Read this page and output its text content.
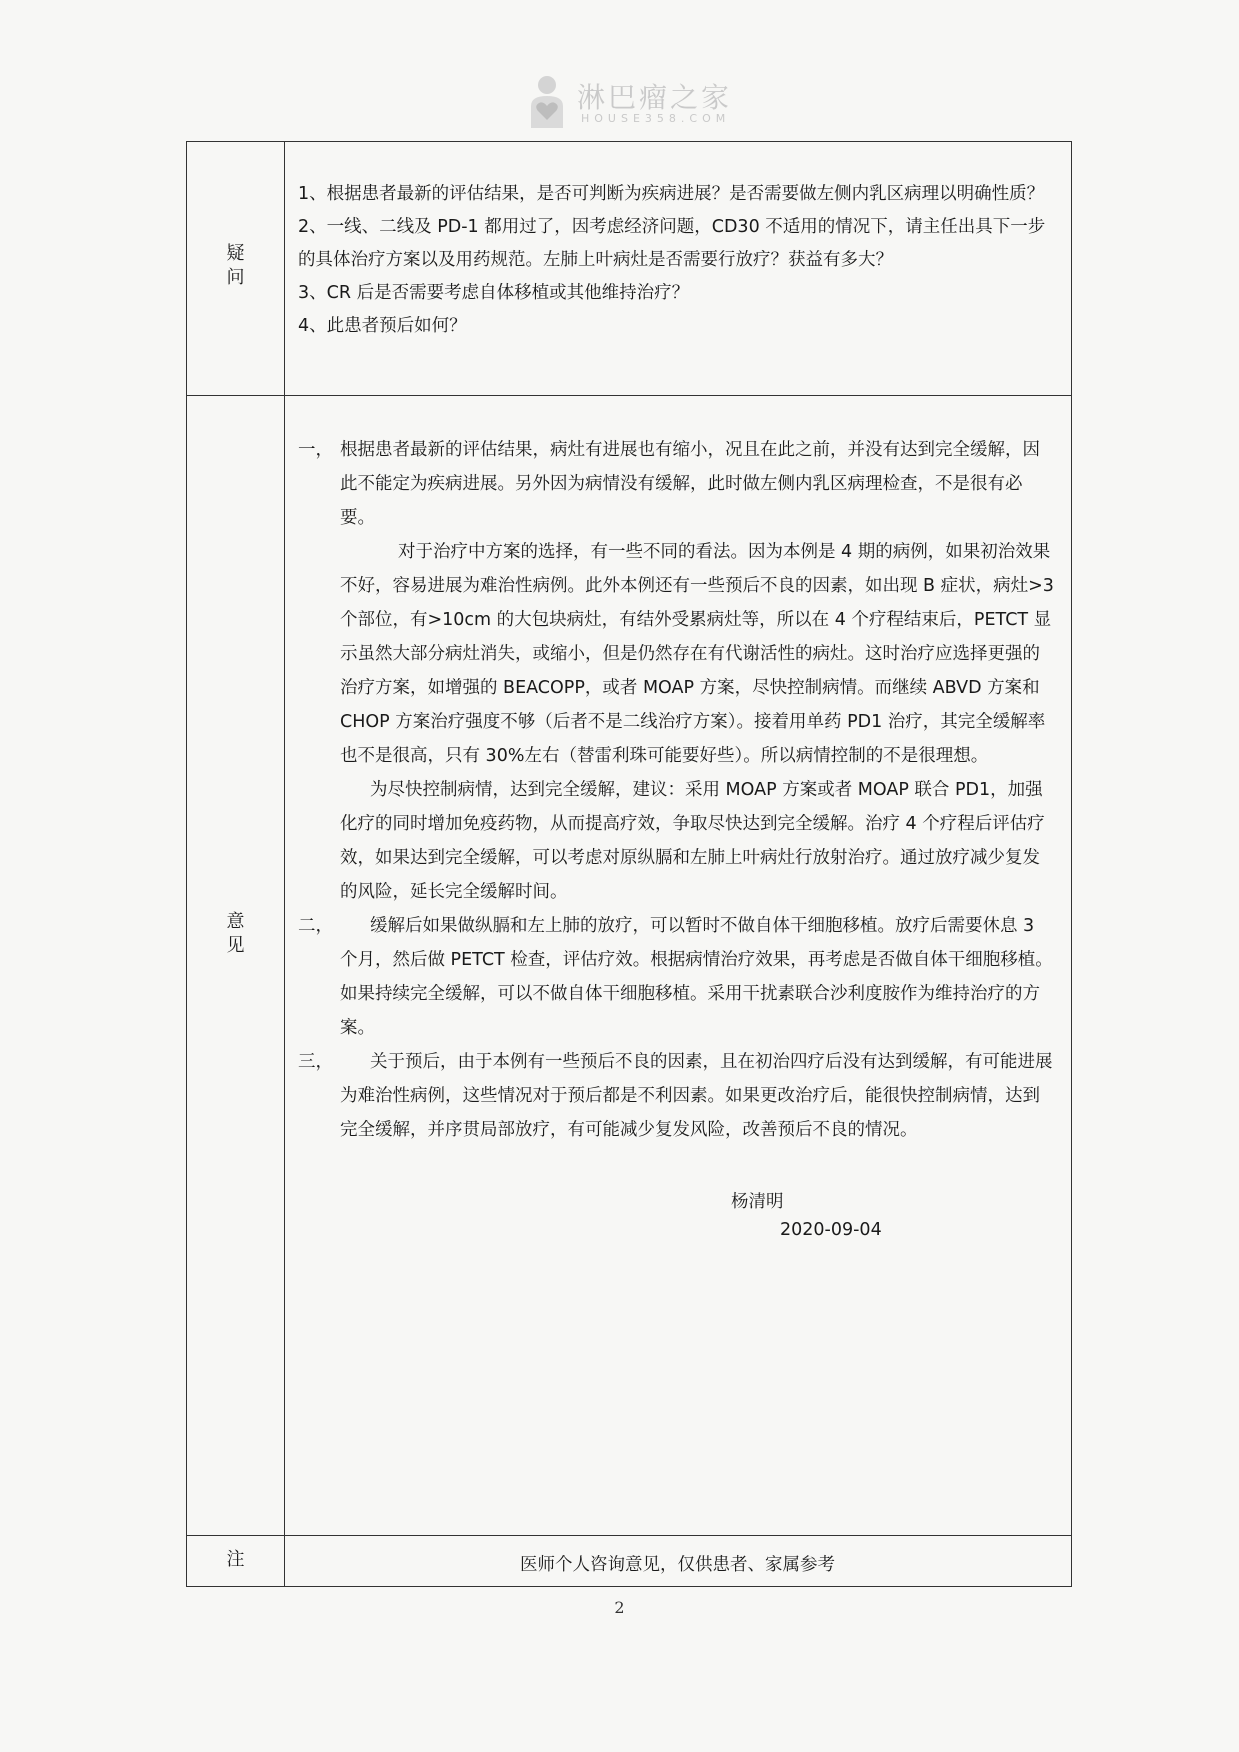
淋巴瘤之家
HOUSE358.COM
疑问
意见
注

1、根据患者最新的评估结果，是否可判断为疾病进展？是否需要做左侧内乳区病理以明确性质？

2、一线、二线及 PD-1 都用过了，因考虑经济问题，CD30 不适用的情况下，请主任出具下一步的具体治疗方案以及用药规范。左肺上叶病灶是否需要行放疗？获益有多大？

3、CR 后是否需要考虑自体移植或其他维持治疗？

4、此患者预后如何？

一， 根据患者最新的评估结果，病灶有进展也有缩小，况且在此之前，并没有达到完全缓解，因此不能定为疾病进展。另外因为病情没有缓解，此时做左侧内乳区病理检查，不是很有必要。

对于治疗中方案的选择，有一些不同的看法。因为本例是 4 期的病例，如果初治效果不好，容易进展为难治性病例。此外本例还有一些预后不良的因素，如出现 B 症状，病灶>3 个部位，有>10cm 的大包块病灶，有结外受累病灶等，所以在 4 个疗程结束后，PETCT 显示虽然大部分病灶消失，或缩小，但是仍然存在有代谢活性的病灶。这时治疗应选择更强的治疗方案，如增强的 BEACOPP，或者 MOAP 方案，尽快控制病情。而继续 ABVD 方案和 CHOP 方案治疗强度不够（后者不是二线治疗方案）。接着用单药 PD1 治疗，其完全缓解率也不是很高，只有 30%左右（替雷利珠可能要好些）。所以病情控制的不是很理想。

为尽快控制病情，达到完全缓解，建议：采用 MOAP 方案或者 MOAP 联合 PD1，加强化疗的同时增加免疫药物，从而提高疗效，争取尽快达到完全缓解。治疗 4 个疗程后评估疗效，如果达到完全缓解，可以考虑对原纵膈和左肺上叶病灶行放射治疗。通过放疗减少复发的风险，延长完全缓解时间。

二， 缓解后如果做纵膈和左上肺的放疗，可以暂时不做自体干细胞移植。放疗后需要休息 3 个月，然后做 PETCT 检查，评估疗效。根据病情治疗效果，再考虑是否做自体干细胞移植。如果持续完全缓解，可以不做自体干细胞移植。采用干扰素联合沙利度胺作为维持治疗的方案。

三， 关于预后，由于本例有一些预后不良的因素，且在初治四疗后没有达到缓解，有可能进展为难治性病例，这些情况对于预后都是不利因素。如果更改治疗后，能很快控制病情，达到完全缓解，并序贯局部放疗，有可能减少复发风险，改善预后不良的情况。

杨清明
2020-09-04
医师个人咨询意见，仅供患者、家属参考
2
